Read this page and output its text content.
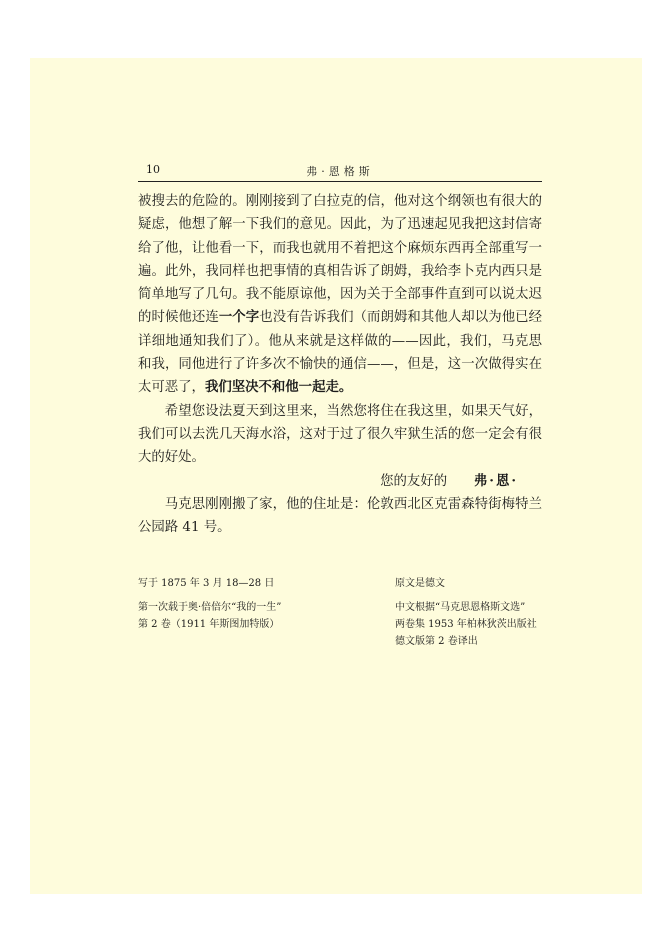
10	弗·恩格斯

被搜去的危险的。刚刚接到了白拉克的信，他对这个纲领也有很大的疑虑，他想了解一下我们的意见。因此，为了迅速起见我把这封信寄给了他，让他看一下，而我也就用不着把这个麻烦东西再全部重写一遍。此外，我同样也把事情的真相告诉了朗姆，我给李卜克内西只是简单地写了几句。我不能原谅他，因为关于全部事件直到可以说太迟的时候他还连一个字也没有告诉我们（而朗姆和其他人却以为他已经详细地通知我们了）。他从来就是这样做的——因此，我们，马克思和我，同他进行了许多次不愉快的通信——，但是，这一次做得实在太可恶了，我们坚决不和他一起走。

希望您设法夏天到这里来，当然您将住在我这里，如果天气好，我们可以去洗几天海水浴，这对于过了很久牢狱生活的您一定会有很大的好处。

您的友好的   弗·恩·

马克思刚刚搬了家，他的住址是：伦敦西北区克雷森特街梅特兰公园路 41 号。

写于 1875 年 3 月 18—28 日

第一次载于奥·倍倍尔“我的一生”

第 2 卷（1911 年斯图加特版）

原文是德文

中文根据“马克思恩格斯文选”

两卷集 1953 年柏林狄茨出版社

德文版第 2 卷译出
